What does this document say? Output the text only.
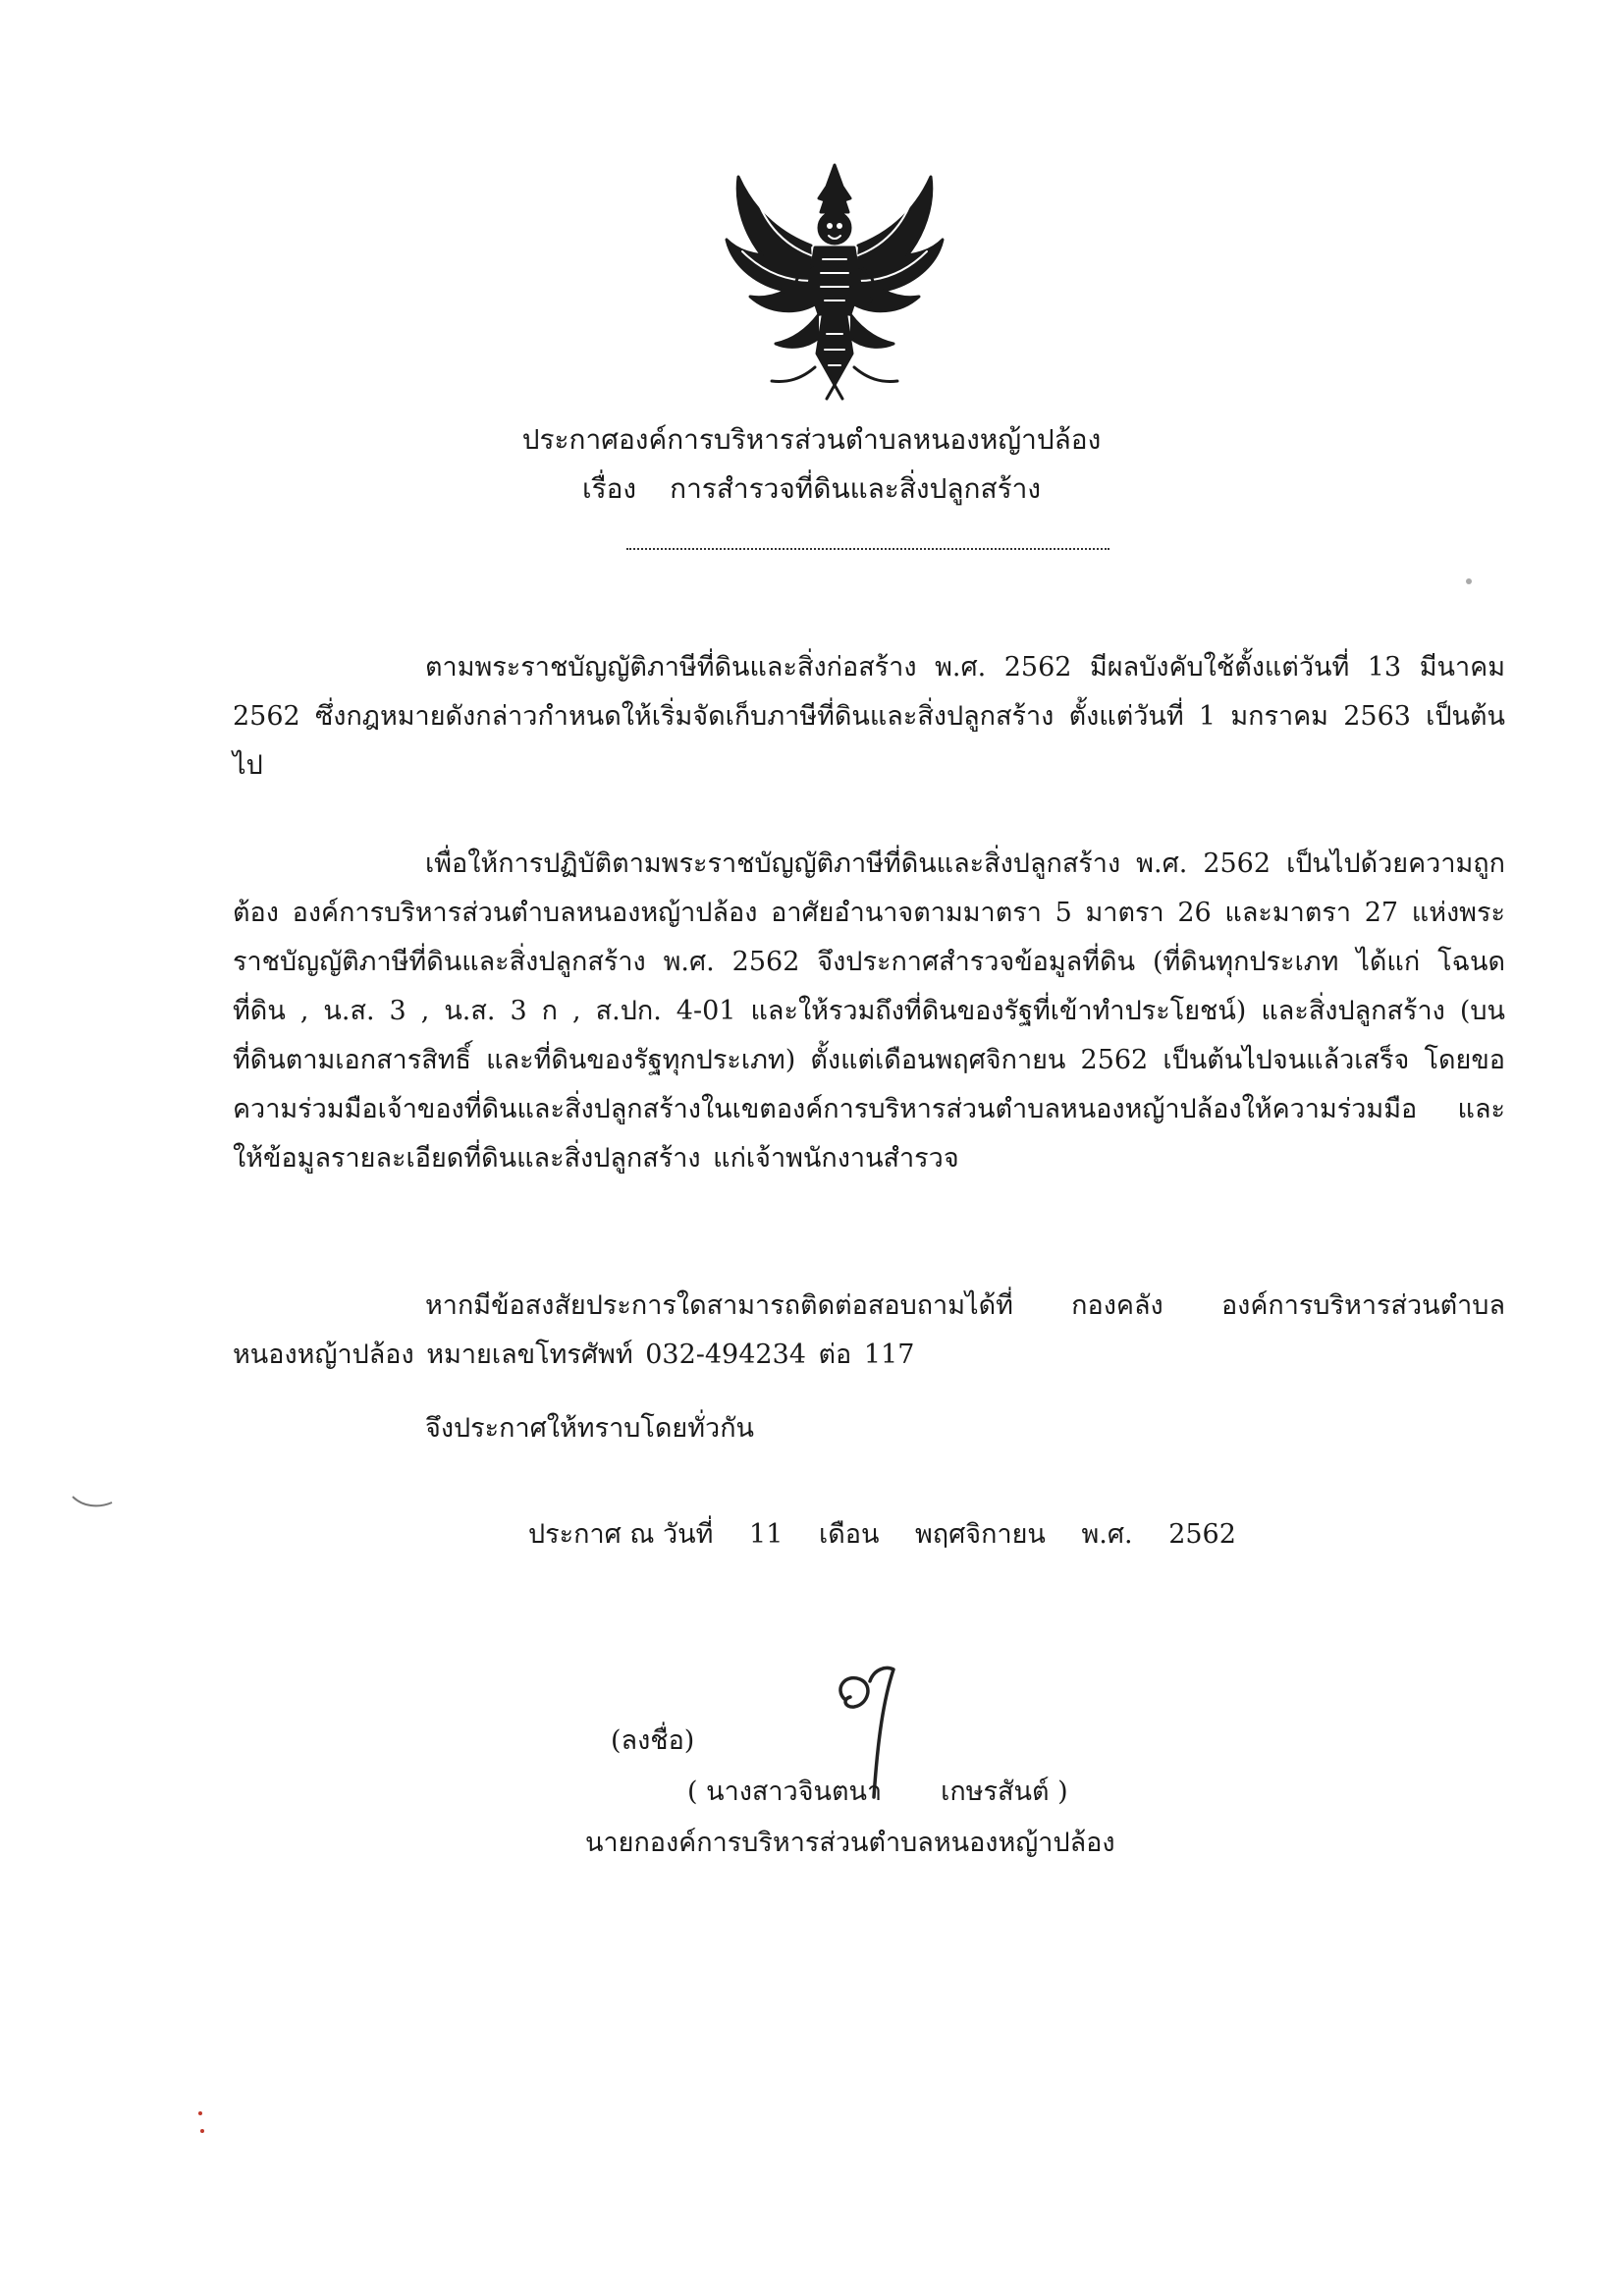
ประกาศองค์การบริหารส่วนตำบลหนองหญ้าปล้อง
เรื่อง การสำรวจที่ดินและสิ่งปลูกสร้าง

ตามพระราชบัญญัติภาษีที่ดินและสิ่งก่อสร้าง พ.ศ. 2562 มีผลบังคับใช้ตั้งแต่วันที่ 13 มีนาคม 2562 ซึ่งกฎหมายดังกล่าวกำหนดให้เริ่มจัดเก็บภาษีที่ดินและสิ่งปลูกสร้าง ตั้งแต่วันที่ 1 มกราคม 2563 เป็นต้นไป

เพื่อให้การปฏิบัติตามพระราชบัญญัติภาษีที่ดินและสิ่งปลูกสร้าง พ.ศ. 2562 เป็นไปด้วยความถูกต้อง องค์การบริหารส่วนตำบลหนองหญ้าปล้อง อาศัยอำนาจตามมาตรา 5 มาตรา 26 และมาตรา 27 แห่งพระราชบัญญัติภาษีที่ดินและสิ่งปลูกสร้าง พ.ศ. 2562 จึงประกาศสำรวจข้อมูลที่ดิน (ที่ดินทุกประเภท ได้แก่ โฉนดที่ดิน , น.ส. 3 , น.ส. 3 ก , ส.ปก. 4-01 และให้รวมถึงที่ดินของรัฐที่เข้าทำประโยชน์) และสิ่งปลูกสร้าง (บนที่ดินตามเอกสารสิทธิ์ และที่ดินของรัฐทุกประเภท) ตั้งแต่เดือนพฤศจิกายน 2562 เป็นต้นไปจนแล้วเสร็จ โดยขอความร่วมมือเจ้าของที่ดินและสิ่งปลูกสร้างในเขตองค์การบริหารส่วนตำบลหนองหญ้าปล้องให้ความร่วมมือ และให้ข้อมูลรายละเอียดที่ดินและสิ่งปลูกสร้าง แก่เจ้าพนักงานสำรวจ

หากมีข้อสงสัยประการใดสามารถติดต่อสอบถามได้ที่ กองคลัง องค์การบริหารส่วนตำบลหนองหญ้าปล้อง หมายเลขโทรศัพท์ 032-494234 ต่อ 117

จึงประกาศให้ทราบโดยทั่วกัน
ประกาศ ณ วันที่ 11 เดือน พฤศจิกายน พ.ศ. 2562
(ลงชื่อ)
( นางสาวจินตนา เกษรสันต์ )
นายกองค์การบริหารส่วนตำบลหนองหญ้าปล้อง
